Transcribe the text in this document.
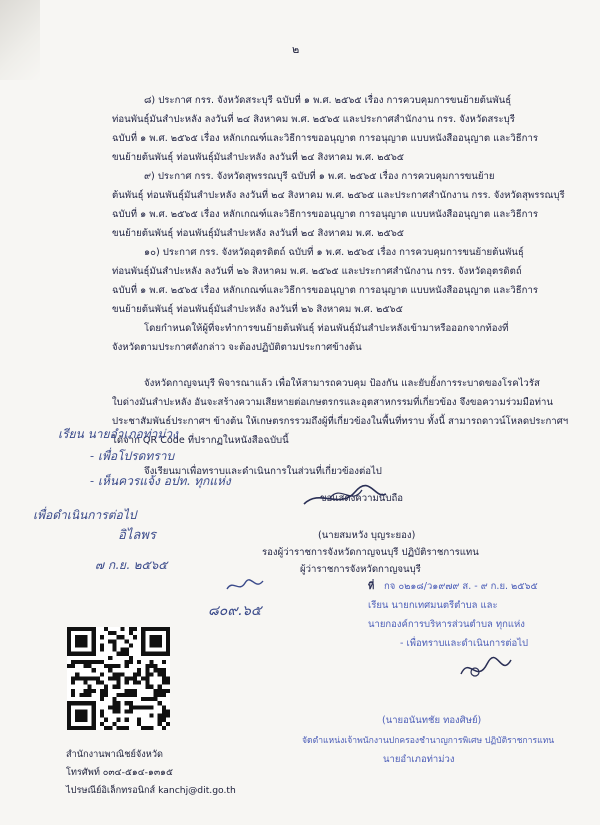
๒
๘) ประกาศ กรร. จังหวัดสระบุรี ฉบับที่ ๑ พ.ศ. ๒๕๖๕ เรื่อง การควบคุมการขนย้ายต้นพันธุ์
ท่อนพันธุ์มันสำปะหลัง ลงวันที่ ๒๔ สิงหาคม พ.ศ. ๒๕๖๕ และประกาศสำนักงาน กรร. จังหวัดสระบุรี
ฉบับที่ ๑ พ.ศ. ๒๕๖๕ เรื่อง หลักเกณฑ์และวิธีการขออนุญาต การอนุญาต แบบหนังสืออนุญาต และวิธีการ
ขนย้ายต้นพันธุ์ ท่อนพันธุ์มันสำปะหลัง ลงวันที่ ๒๔ สิงหาคม พ.ศ. ๒๕๖๕
๙) ประกาศ กรร. จังหวัดสุพรรณบุรี ฉบับที่ ๑ พ.ศ. ๒๕๖๕ เรื่อง การควบคุมการขนย้าย
ต้นพันธุ์ ท่อนพันธุ์มันสำปะหลัง ลงวันที่ ๒๔ สิงหาคม พ.ศ. ๒๕๖๕ และประกาศสำนักงาน กรร. จังหวัดสุพรรณบุรี
ฉบับที่ ๑ พ.ศ. ๒๕๖๕ เรื่อง หลักเกณฑ์และวิธีการขออนุญาต การอนุญาต แบบหนังสืออนุญาต และวิธีการ
ขนย้ายต้นพันธุ์ ท่อนพันธุ์มันสำปะหลัง ลงวันที่ ๒๔ สิงหาคม พ.ศ. ๒๕๖๕
๑๐) ประกาศ กรร. จังหวัดอุตรดิตถ์ ฉบับที่ ๑ พ.ศ. ๒๕๖๕ เรื่อง การควบคุมการขนย้ายต้นพันธุ์
ท่อนพันธุ์มันสำปะหลัง ลงวันที่ ๒๖ สิงหาคม พ.ศ. ๒๕๖๕ และประกาศสำนักงาน กรร. จังหวัดอุตรดิตถ์
ฉบับที่ ๑ พ.ศ. ๒๕๖๕ เรื่อง หลักเกณฑ์และวิธีการขออนุญาต การอนุญาต แบบหนังสืออนุญาต และวิธีการ
ขนย้ายต้นพันธุ์ ท่อนพันธุ์มันสำปะหลัง ลงวันที่ ๒๖ สิงหาคม พ.ศ. ๒๕๖๕
โดยกำหนดให้ผู้ที่จะทำการขนย้ายต้นพันธุ์ ท่อนพันธุ์มันสำปะหลังเข้ามาหรือออกจากท้องที่
จังหวัดตามประกาศดังกล่าว จะต้องปฏิบัติตามประกาศข้างต้น
จังหวัดกาญจนบุรี พิจารณาแล้ว เพื่อให้สามารถควบคุม ป้องกัน และยับยั้งการระบาดของโรคไวรัส
ใบด่างมันสำปะหลัง อันจะสร้างความเสียหายต่อเกษตรกรและอุตสาหกรรมที่เกี่ยวข้อง จึงขอความร่วมมือท่าน
ประชาสัมพันธ์ประกาศฯ ข้างต้น ให้เกษตรกรรวมถึงผู้ที่เกี่ยวข้องในพื้นที่ทราบ ทั้งนี้ สามารถดาวน์โหลดประกาศฯ
ได้จาก QR Code ที่ปรากฏในหนังสือฉบับนี้
จึงเรียนมาเพื่อทราบและดำเนินการในส่วนที่เกี่ยวข้องต่อไป
ขอแสดงความนับถือ
(นายสมหวัง บุญระยอง)
รองผู้ว่าราชการจังหวัดกาญจนบุรี ปฏิบัติราชการแทน
ผู้ว่าราชการจังหวัดกาญจนบุรี
เรียน นายอำเภอท่าม่วง
- เพื่อโปรดทราบ
- เห็นควรแจ้ง อปท. ทุกแห่ง
เพื่อดำเนินการต่อไป
อิไลพร
๗ ก.ย. ๒๕๖๕
๘๐๙.๖๕
ที่ กจ ๐๒๑๘/ว๑๙๗๙ ส. - ๙ ก.ย. ๒๕๖๕
เรียน นายกเทศมนตรีตำบล และ
นายกองค์การบริหารส่วนตำบล ทุกแห่ง
- เพื่อทราบและดำเนินการต่อไป
(นายอนันทชัย ทองศิษย์)
จัดตำแหน่งเจ้าพนักงานปกครองชำนาญการพิเศษ ปฏิบัติราชการแทน
นายอำเภอท่าม่วง
สำนักงานพาณิชย์จังหวัด
โทรศัพท์ ๐๓๔-๕๑๔-๑๓๑๕
ไปรษณีย์อิเล็กทรอนิกส์ kanchj@dit.go.th
